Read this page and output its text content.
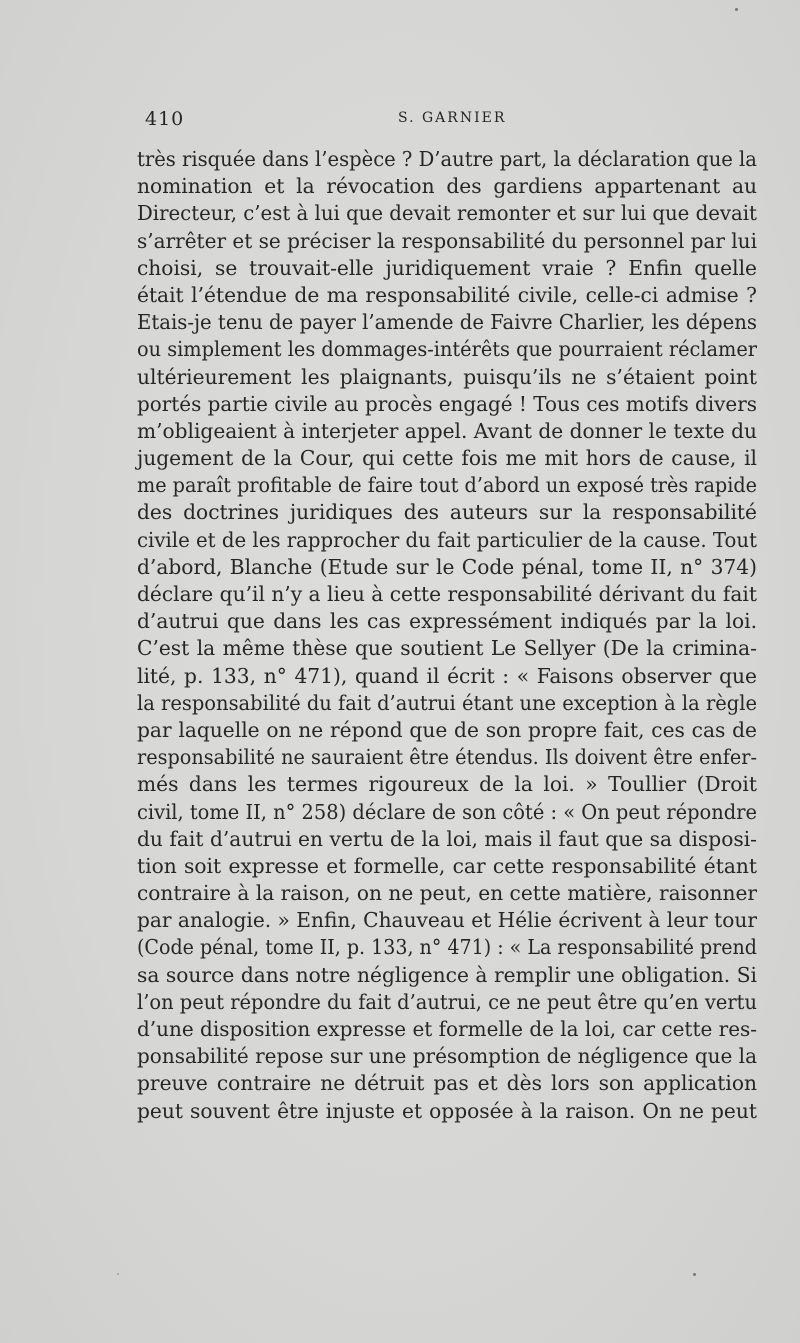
410	S. GARNIER
très risquée dans l’espèce ? D’autre part, la déclaration que la
nomination et la révocation des gardiens appartenant au
Directeur, c’est à lui que devait remonter et sur lui que devait
s’arrêter et se préciser la responsabilité du personnel par lui
choisi, se trouvait-elle juridiquement vraie ? Enfin quelle
était l’étendue de ma responsabilité civile, celle-ci admise ?
Etais-je tenu de payer l’amende de Faivre Charlier, les dépens
ou simplement les dommages-intérêts que pourraient réclamer
ultérieurement les plaignants, puisqu’ils ne s’étaient point
portés partie civile au procès engagé ! Tous ces motifs divers
m’obligeaient à interjeter appel. Avant de donner le texte du
jugement de la Cour, qui cette fois me mit hors de cause, il
me paraît profitable de faire tout d’abord un exposé très rapide
des doctrines juridiques des auteurs sur la responsabilité
civile et de les rapprocher du fait particulier de la cause. Tout
d’abord, Blanche (Etude sur le Code pénal, tome II, n° 374)
déclare qu’il n’y a lieu à cette responsabilité dérivant du fait
d’autrui que dans les cas expressément indiqués par la loi.
C’est la même thèse que soutient Le Sellyer (De la crimina-
lité, p. 133, n° 471), quand il écrit : « Faisons observer que
la responsabilité du fait d’autrui étant une exception à la règle
par laquelle on ne répond que de son propre fait, ces cas de
responsabilité ne sauraient être étendus. Ils doivent être enfer-
més dans les termes rigoureux de la loi. » Toullier (Droit
civil, tome II, n° 258) déclare de son côté : « On peut répondre
du fait d’autrui en vertu de la loi, mais il faut que sa disposi-
tion soit expresse et formelle, car cette responsabilité étant
contraire à la raison, on ne peut, en cette matière, raisonner
par analogie. » Enfin, Chauveau et Hélie écrivent à leur tour
(Code pénal, tome II, p. 133, n° 471) : « La responsabilité prend
sa source dans notre négligence à remplir une obligation. Si
l’on peut répondre du fait d’autrui, ce ne peut être qu’en vertu
d’une disposition expresse et formelle de la loi, car cette res-
ponsabilité repose sur une présomption de négligence que la
preuve contraire ne détruit pas et dès lors son application
peut souvent être injuste et opposée à la raison. On ne peut
